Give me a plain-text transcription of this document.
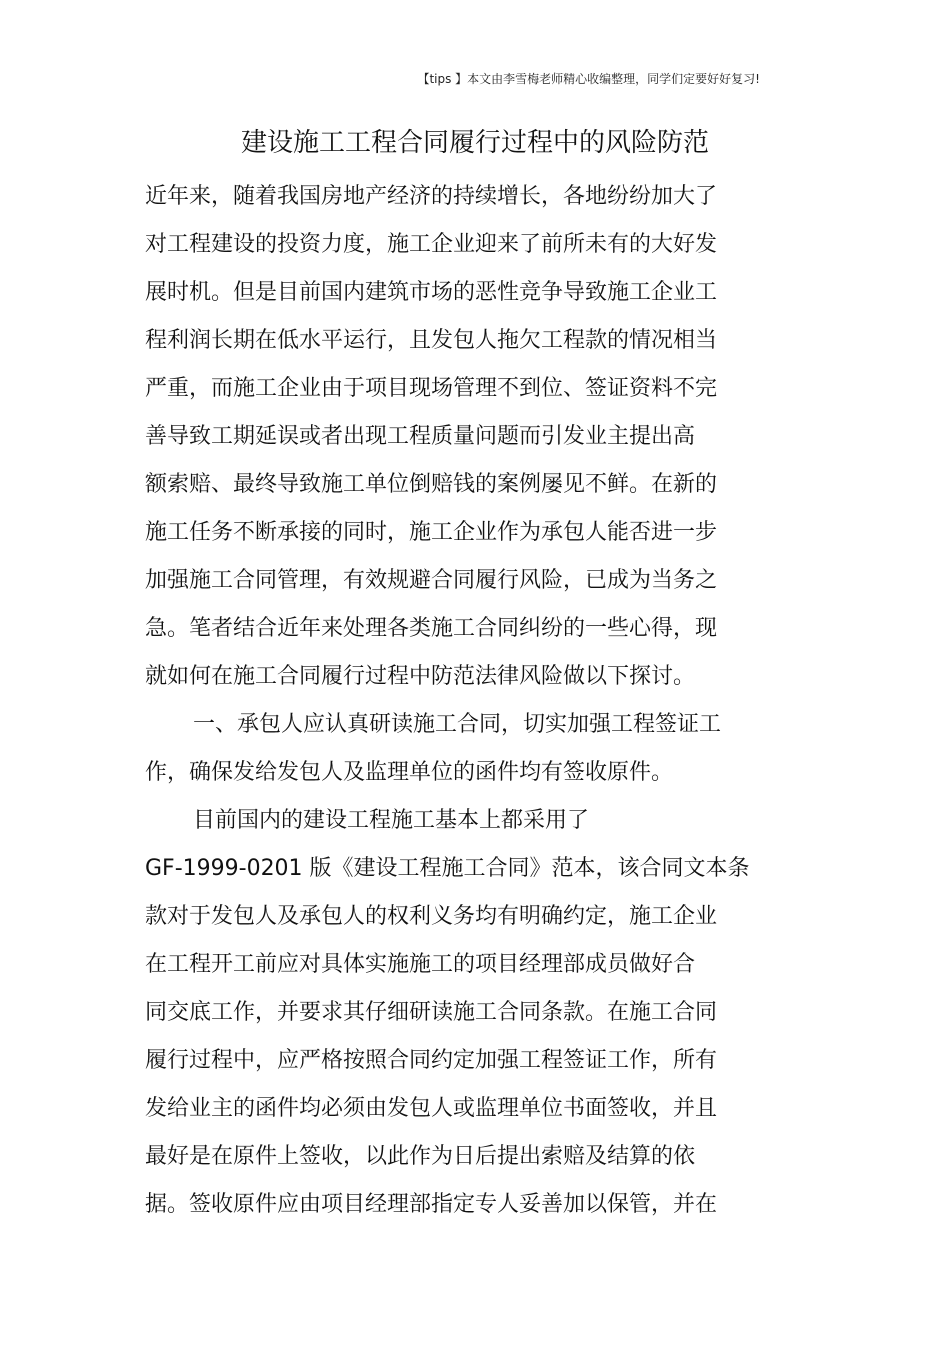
【tips 】本文由李雪梅老师精心收编整理，同学们定要好好复习!
建设施工工程合同履行过程中的风险防范
近年来，随着我国房地产经济的持续增长，各地纷纷加大了
对工程建设的投资力度，施工企业迎来了前所未有的大好发
展时机。但是目前国内建筑市场的恶性竞争导致施工企业工
程利润长期在低水平运行，且发包人拖欠工程款的情况相当
严重，而施工企业由于项目现场管理不到位、签证资料不完
善导致工期延误或者出现工程质量问题而引发业主提出高
额索赔、最终导致施工单位倒赔钱的案例屡见不鲜。在新的
施工任务不断承接的同时，施工企业作为承包人能否进一步
加强施工合同管理，有效规避合同履行风险，已成为当务之
急。笔者结合近年来处理各类施工合同纠纷的一些心得，现
就如何在施工合同履行过程中防范法律风险做以下探讨。
一、承包人应认真研读施工合同，切实加强工程签证工
作，确保发给发包人及监理单位的函件均有签收原件。
目前国内的建设工程施工基本上都采用了
GF-1999-0201 版《建设工程施工合同》范本，该合同文本条
款对于发包人及承包人的权利义务均有明确约定，施工企业
在工程开工前应对具体实施施工的项目经理部成员做好合
同交底工作，并要求其仔细研读施工合同条款。在施工合同
履行过程中，应严格按照合同约定加强工程签证工作，所有
发给业主的函件均必须由发包人或监理单位书面签收，并且
最好是在原件上签收，以此作为日后提出索赔及结算的依
据。签收原件应由项目经理部指定专人妥善加以保管，并在
